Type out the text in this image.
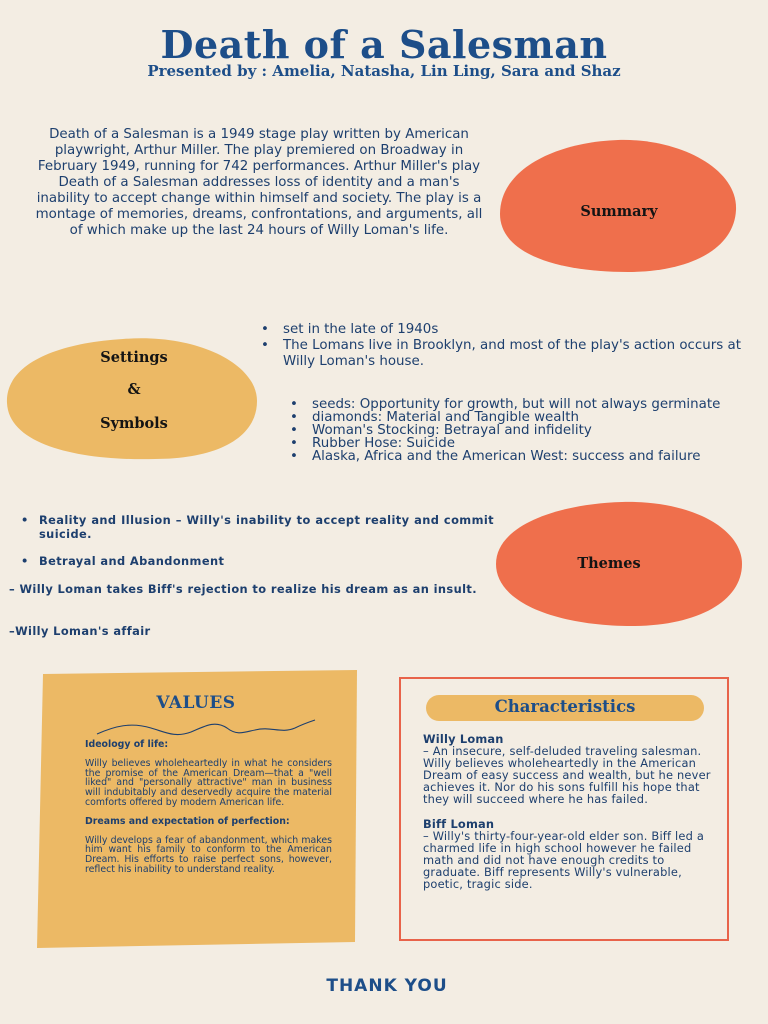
Death of a Salesman
Presented by : Amelia, Natasha, Lin Ling, Sara and Shaz
Death of a Salesman is a 1949 stage play written by American playwright, Arthur Miller. The play premiered on Broadway in February 1949, running for 742 performances. Arthur Miller's play Death of a Salesman addresses loss of identity and a man's inability to accept change within himself and society. The play is a montage of memories, dreams, confrontations, and arguments, all of which make up the last 24 hours of Willy Loman's life.
Summary
Settings
&
Symbols
• set in the late of 1940s
• The Lomans live in Brooklyn, and most of the play's action occurs at Willy Loman's house.
• seeds: Opportunity for growth, but will not always germinate
• diamonds: Material and Tangible wealth
• Woman's Stocking: Betrayal and infidelity
• Rubber Hose: Suicide
• Alaska, Africa and the American West: success and failure
• Reality and Illusion – Willy's inability to accept reality and commit suicide.
• Betrayal and Abandonment
– Willy Loman takes Biff's rejection to realize his dream as an insult.
–Willy Loman's affair
Themes
VALUES

Ideology of life:

Willy believes wholeheartedly in what he considers the promise of the American Dream—that a "well liked" and "personally attractive" man in business will indubitably and deservedly acquire the material comforts offered by modern American life.

Dreams and expectation of perfection:

Willy develops a fear of abandonment, which makes him want his family to conform to the American Dream. His efforts to raise perfect sons, however, reflect his inability to understand reality.

Characteristics

Willy Loman
– An insecure, self-deluded traveling salesman. Willy believes wholeheartedly in the American Dream of easy success and wealth, but he never achieves it. Nor do his sons fulfill his hope that they will succeed where he has failed.

Biff Loman
– Willy's thirty-four-year-old elder son. Biff led a charmed life in high school however he failed math and did not have enough credits to graduate. Biff represents Willy's vulnerable, poetic, tragic side.

THANK YOU
